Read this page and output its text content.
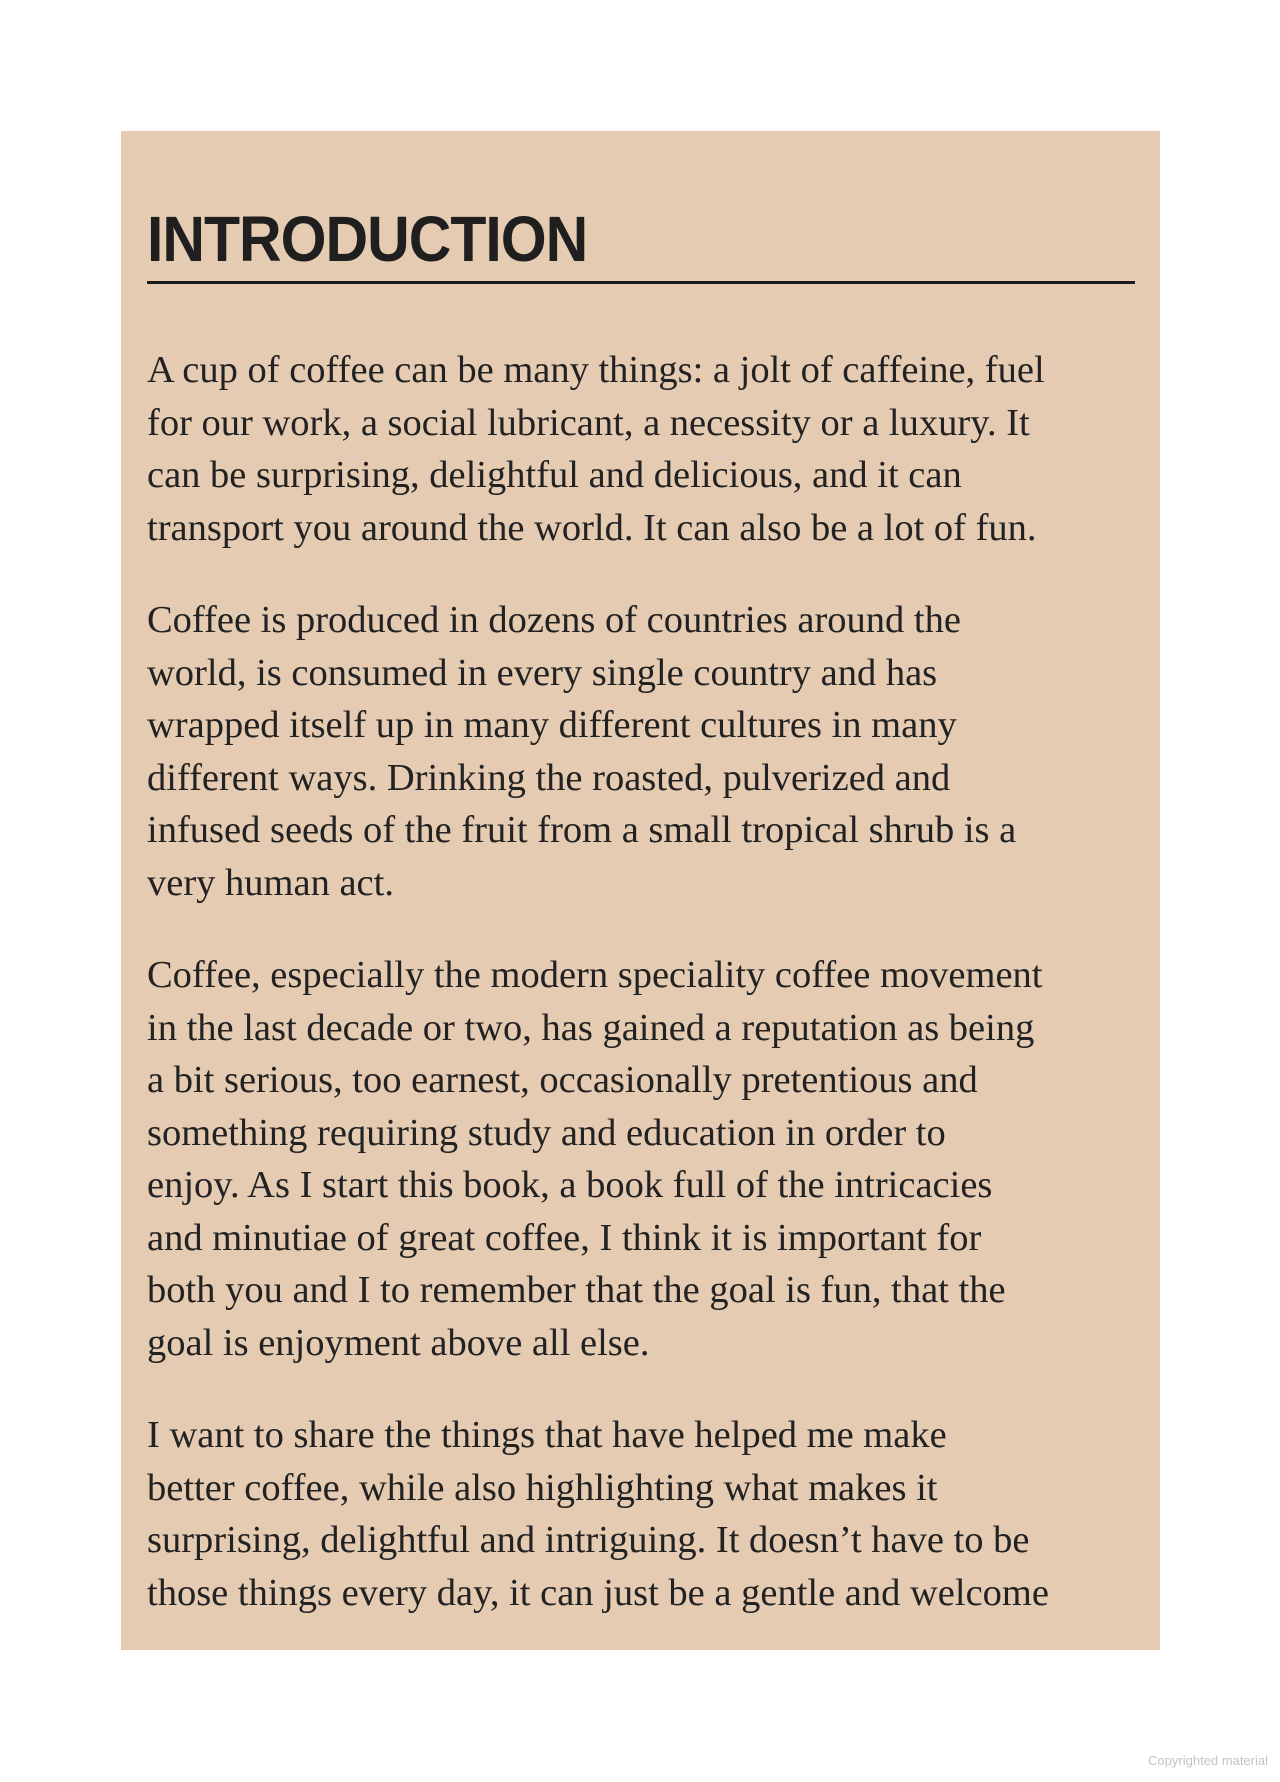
INTRODUCTION

A cup of coffee can be many things: a jolt of caffeine, fuel
for our work, a social lubricant, a necessity or a luxury. It
can be surprising, delightful and delicious, and it can
transport you around the world. It can also be a lot of fun.

Coffee is produced in dozens of countries around the
world, is consumed in every single country and has
wrapped itself up in many different cultures in many
different ways. Drinking the roasted, pulverized and
infused seeds of the fruit from a small tropical shrub is a
very human act.

Coffee, especially the modern speciality coffee movement
in the last decade or two, has gained a reputation as being
a bit serious, too earnest, occasionally pretentious and
something requiring study and education in order to
enjoy. As I start this book, a book full of the intricacies
and minutiae of great coffee, I think it is important for
both you and I to remember that the goal is fun, that the
goal is enjoyment above all else.

I want to share the things that have helped me make
better coffee, while also highlighting what makes it
surprising, delightful and intriguing. It doesn’t have to be
those things every day, it can just be a gentle and welcome

Copyrighted material
